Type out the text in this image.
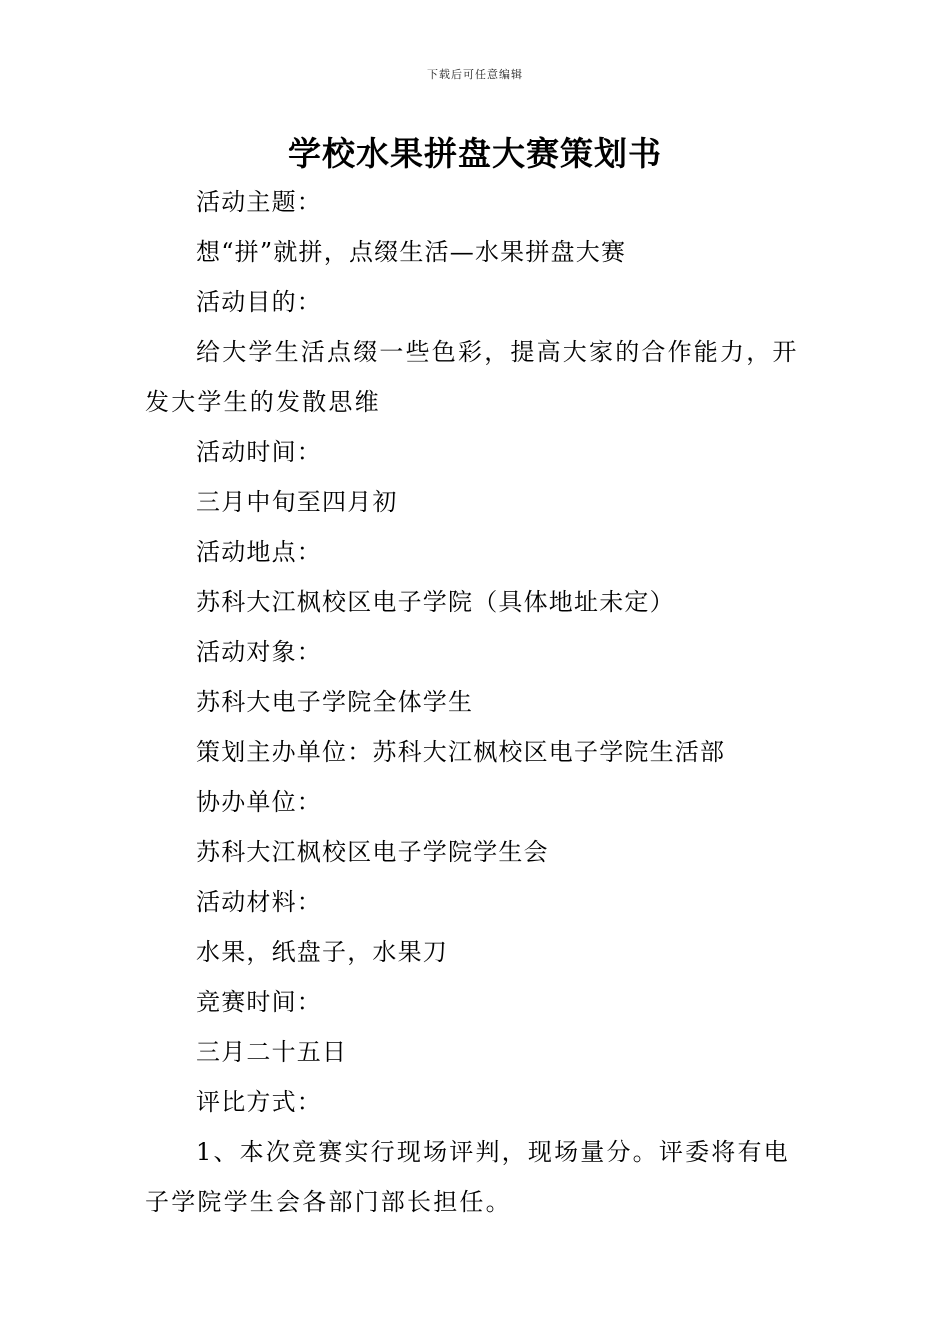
下载后可任意编辑
学校水果拼盘大赛策划书

活动主题：

想“拼”就拼，点缀生活—水果拼盘大赛

活动目的：

给大学生活点缀一些色彩，提高大家的合作能力，开发大学生的发散思维

活动时间：

三月中旬至四月初

活动地点：

苏科大江枫校区电子学院（具体地址未定）

活动对象：

苏科大电子学院全体学生

策划主办单位：苏科大江枫校区电子学院生活部

协办单位：

苏科大江枫校区电子学院学生会

活动材料：

水果，纸盘子，水果刀

竞赛时间：

三月二十五日

评比方式：

1、本次竞赛实行现场评判，现场量分。评委将有电子学院学生会各部门部长担任。
